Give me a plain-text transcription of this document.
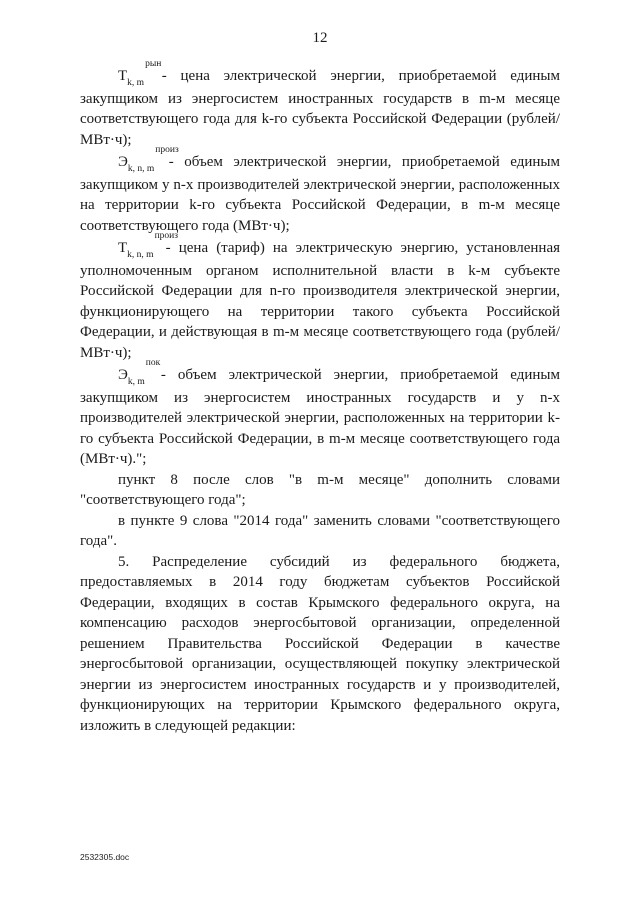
12

Т
рын
$_{k, m}$ - цена электрической энергии, приобретаемой единым закупщиком из энергосистем иностранных государств в m-м месяце соответствующего года для k-го субъекта Российской Федерации (рублей/МВт·ч);

Э
произ
$_{k, n, m}$ - объем электрической энергии, приобретаемой единым закупщиком у n-х производителей электрической энергии, расположенных на территории k-го субъекта Российской Федерации, в m-м месяце соответствующего года (МВт·ч);

Т
произ
$_{k, n, m}$ - цена (тариф) на электрическую энергию, установленная уполномоченным органом исполнительной власти в k-м субъекте Российской Федерации для n-го производителя электрической энергии, функционирующего на территории такого субъекта Российской Федерации, и действующая в m-м месяце соответствующего года (рублей/МВт·ч);

Э
пок
$_{k, m}$ - объем электрической энергии, приобретаемой единым закупщиком из энергосистем иностранных государств и у n-х производителей электрической энергии, расположенных на территории k-го субъекта Российской Федерации, в m-м месяце соответствующего года (МВт·ч).";

пункт 8 после слов "в m-м месяце" дополнить словами "соответствующего года";

в пункте 9 слова "2014 года" заменить словами "соответствующего года".

5. Распределение субсидий из федерального бюджета, предоставляемых в 2014 году бюджетам субъектов Российской Федерации, входящих в состав Крымского федерального округа, на компенсацию расходов энергосбытовой организации, определенной решением Правительства Российской Федерации в качестве энергосбытовой организации, осуществляющей покупку электрической энергии из энергосистем иностранных государств и у производителей, функционирующих на территории Крымского федерального округа, изложить в следующей редакции:

2532305.doc
